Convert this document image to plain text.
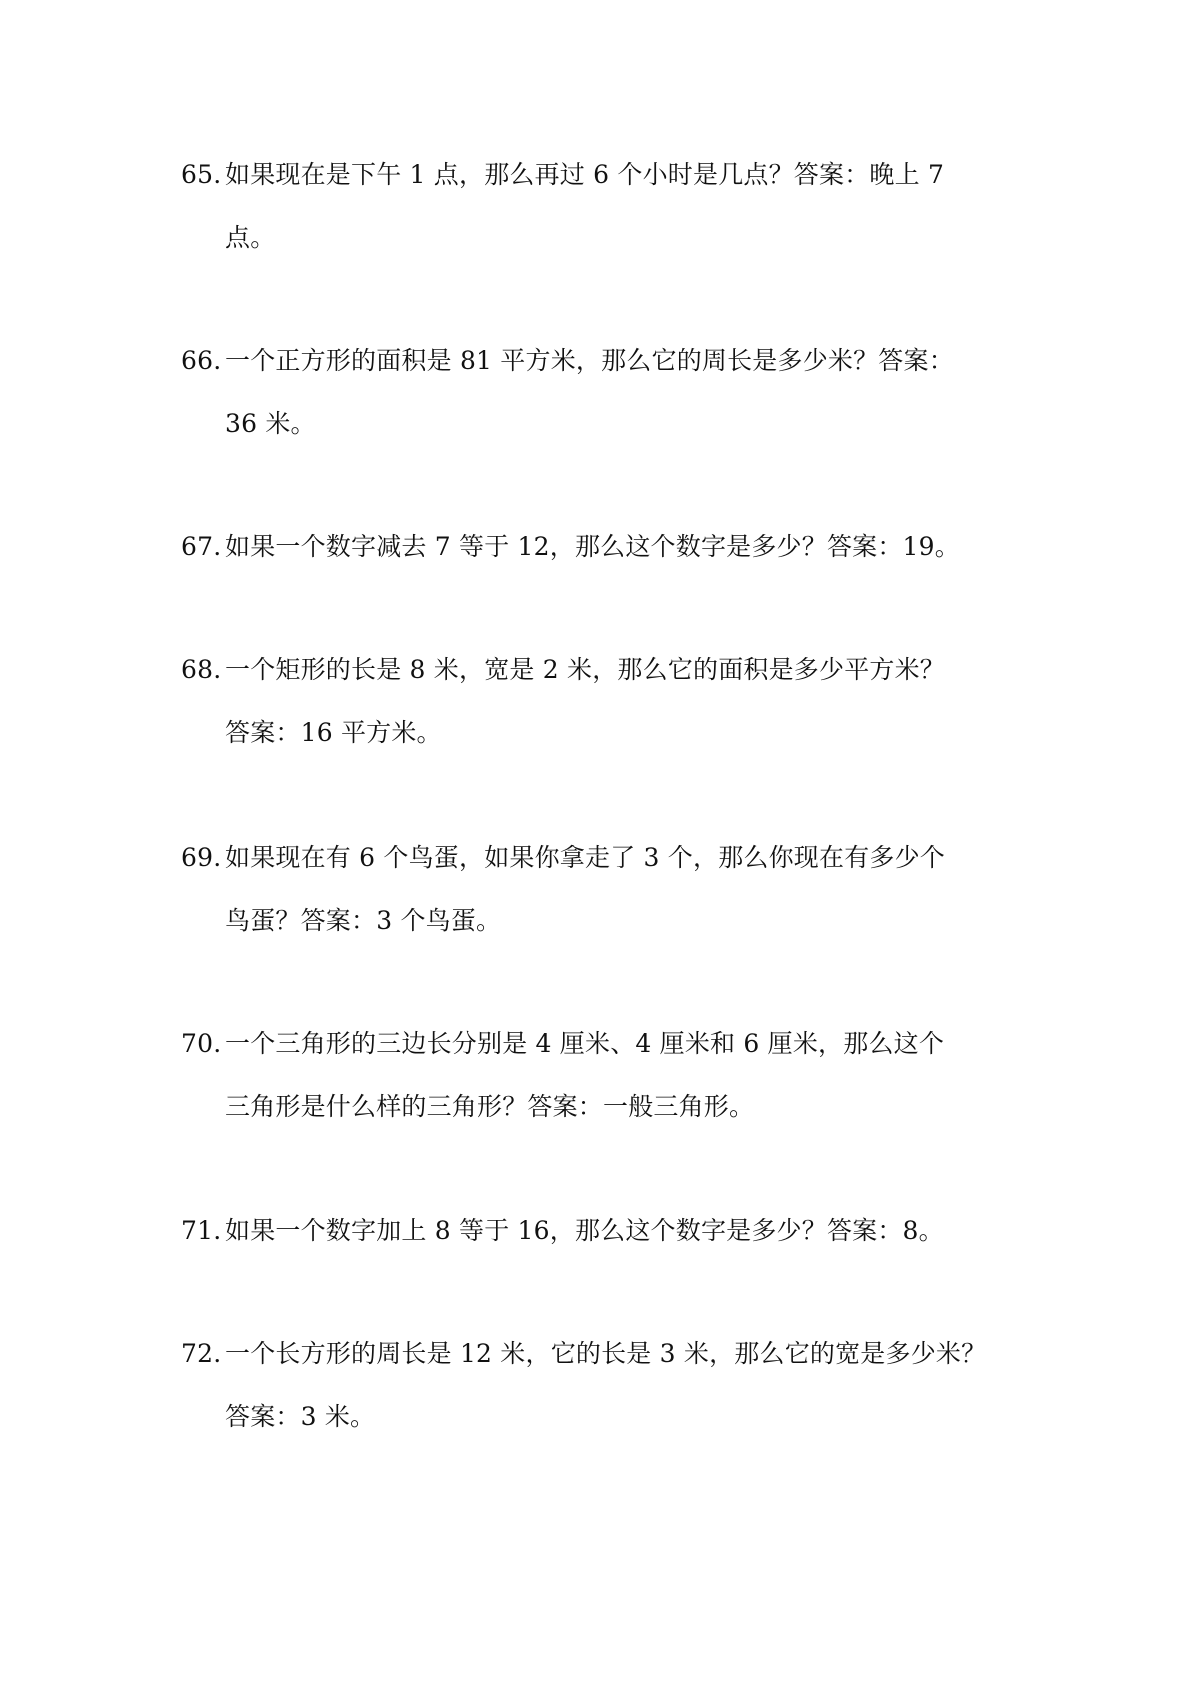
65. 如果现在是下午 1 点，那么再过 6 个小时是几点？答案：晚上 7
点。
66. 一个正方形的面积是 81 平方米，那么它的周长是多少米？答案：
36 米。
67. 如果一个数字减去 7 等于 12，那么这个数字是多少？答案：19。
68. 一个矩形的长是 8 米，宽是 2 米，那么它的面积是多少平方米？
答案：16 平方米。
69. 如果现在有 6 个鸟蛋，如果你拿走了 3 个，那么你现在有多少个
鸟蛋？答案：3 个鸟蛋。
70. 一个三角形的三边长分别是 4 厘米、4 厘米和 6 厘米，那么这个
三角形是什么样的三角形？答案：一般三角形。
71. 如果一个数字加上 8 等于 16，那么这个数字是多少？答案：8。
72. 一个长方形的周长是 12 米，它的长是 3 米，那么它的宽是多少米？
答案：3 米。
